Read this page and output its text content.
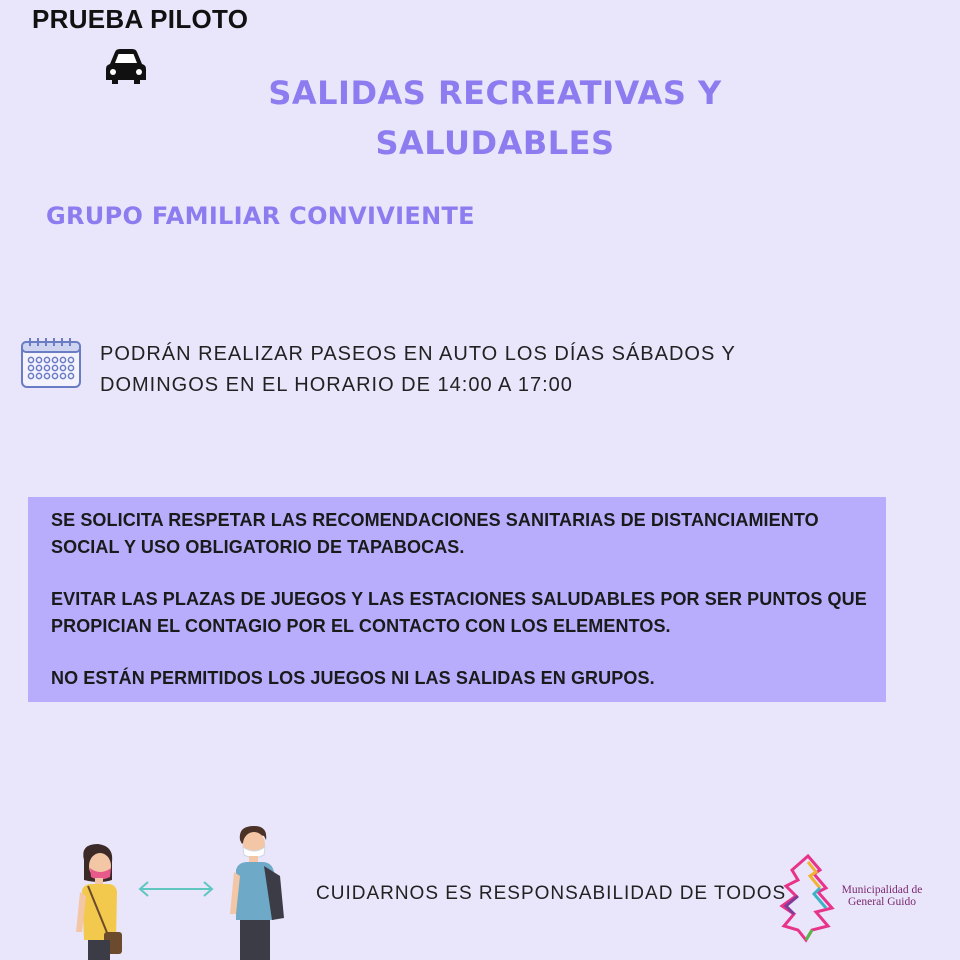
PRUEBA PILOTO
SALIDAS RECREATIVAS Y
SALUDABLES
GRUPO FAMILIAR CONVIVIENTE
PODRÁN REALIZAR PASEOS EN AUTO LOS DÍAS SÁBADOS Y
DOMINGOS EN EL HORARIO DE 14:00 A 17:00
SE SOLICITA RESPETAR LAS RECOMENDACIONES SANITARIAS DE DISTANCIAMIENTO
SOCIAL Y USO OBLIGATORIO DE TAPABOCAS.
EVITAR LAS PLAZAS DE JUEGOS Y LAS ESTACIONES SALUDABLES POR SER PUNTOS QUE
PROPICIAN EL CONTAGIO POR EL CONTACTO CON LOS ELEMENTOS.
NO ESTÁN PERMITIDOS LOS JUEGOS NI LAS SALIDAS EN GRUPOS.
CUIDARNOS ES RESPONSABILIDAD DE TODOS	Municipalidad de
General Guido
